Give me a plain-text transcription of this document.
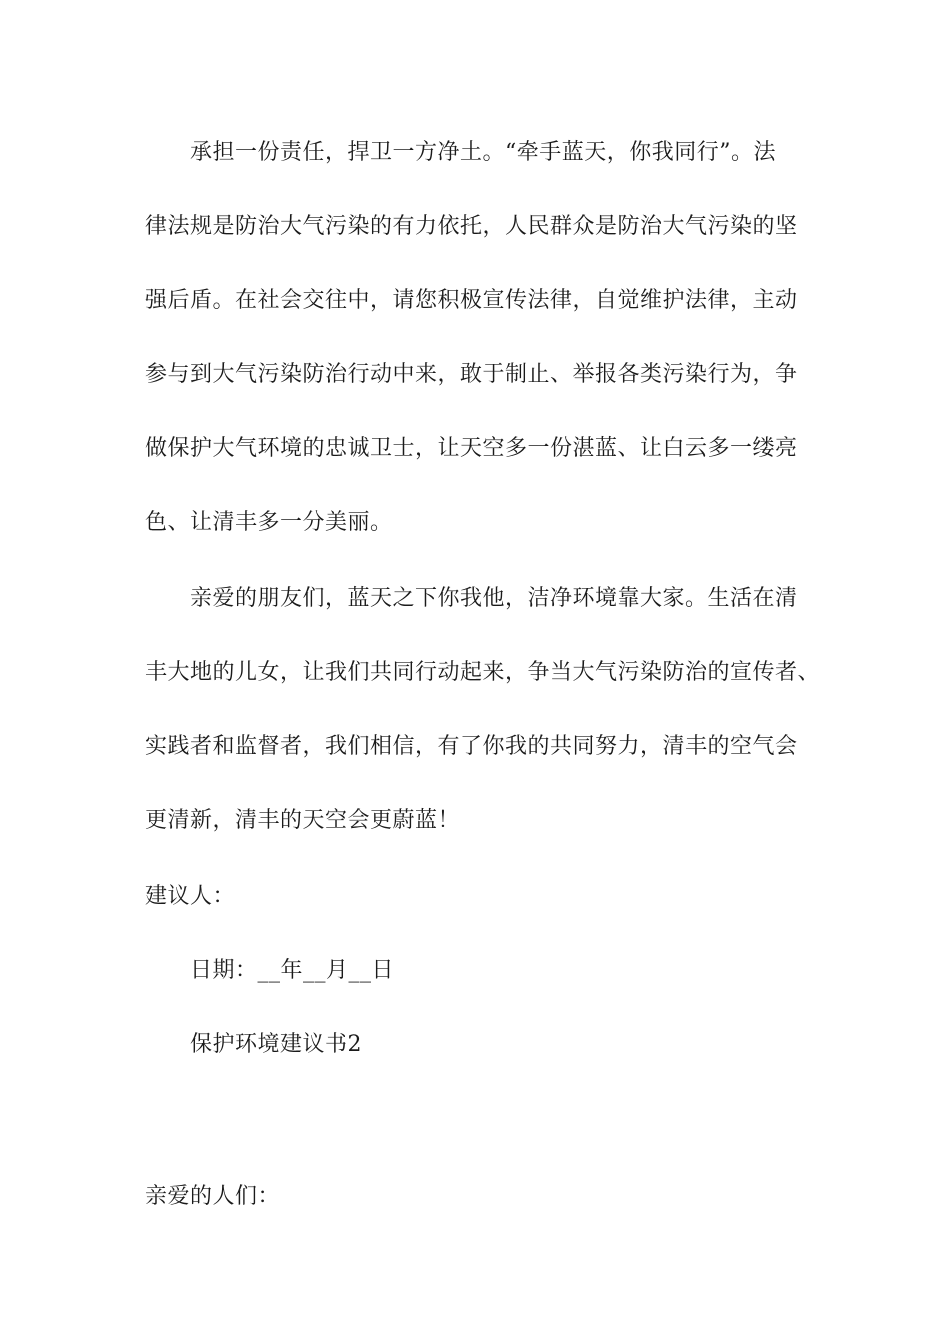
承担一份责任，捍卫一方净土。“牵手蓝天，你我同行”。法
律法规是防治大气污染的有力依托，人民群众是防治大气污染的坚
强后盾。在社会交往中，请您积极宣传法律，自觉维护法律，主动
参与到大气污染防治行动中来，敢于制止、举报各类污染行为，争
做保护大气环境的忠诚卫士，让天空多一份湛蓝、让白云多一缕亮
色、让清丰多一分美丽。
亲爱的朋友们，蓝天之下你我他，洁净环境靠大家。生活在清
丰大地的儿女，让我们共同行动起来，争当大气污染防治的宣传者、
实践者和监督者，我们相信，有了你我的共同努力，清丰的空气会
更清新，清丰的天空会更蔚蓝！
建议人：
日期：__年__月__日
保护环境建议书2
亲爱的人们：
